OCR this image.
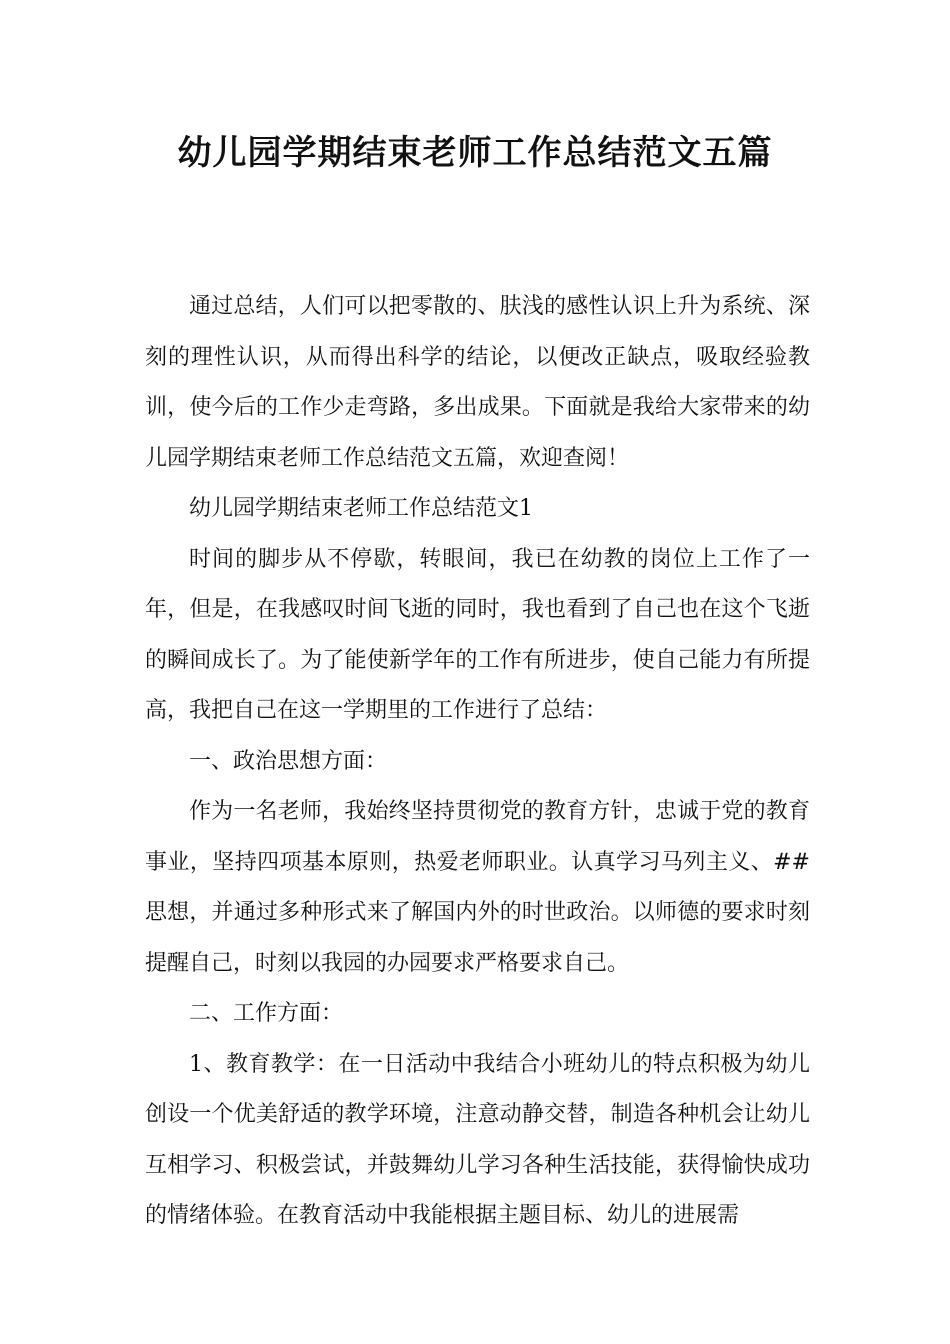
幼儿园学期结束老师工作总结范文五篇

通过总结，人们可以把零散的、肤浅的感性认识上升为系统、深刻的理性认识，从而得出科学的结论，以便改正缺点，吸取经验教训，使今后的工作少走弯路，多出成果。下面就是我给大家带来的幼儿园学期结束老师工作总结范文五篇，欢迎查阅！

幼儿园学期结束老师工作总结范文1

时间的脚步从不停歇，转眼间，我已在幼教的岗位上工作了一年，但是，在我感叹时间飞逝的同时，我也看到了自己也在这个飞逝的瞬间成长了。为了能使新学年的工作有所进步，使自己能力有所提高，我把自己在这一学期里的工作进行了总结：

一、政治思想方面：

作为一名老师，我始终坚持贯彻党的教育方针，忠诚于党的教育事业，坚持四项基本原则，热爱老师职业。认真学习马列主义、##思想，并通过多种形式来了解国内外的时世政治。以师德的要求时刻提醒自己，时刻以我园的办园要求严格要求自己。

二、工作方面：

1、教育教学：在一日活动中我结合小班幼儿的特点积极为幼儿创设一个优美舒适的教学环境，注意动静交替，制造各种机会让幼儿互相学习、积极尝试，并鼓舞幼儿学习各种生活技能，获得愉快成功的情绪体验。在教育活动中我能根据主题目标、幼儿的进展需
